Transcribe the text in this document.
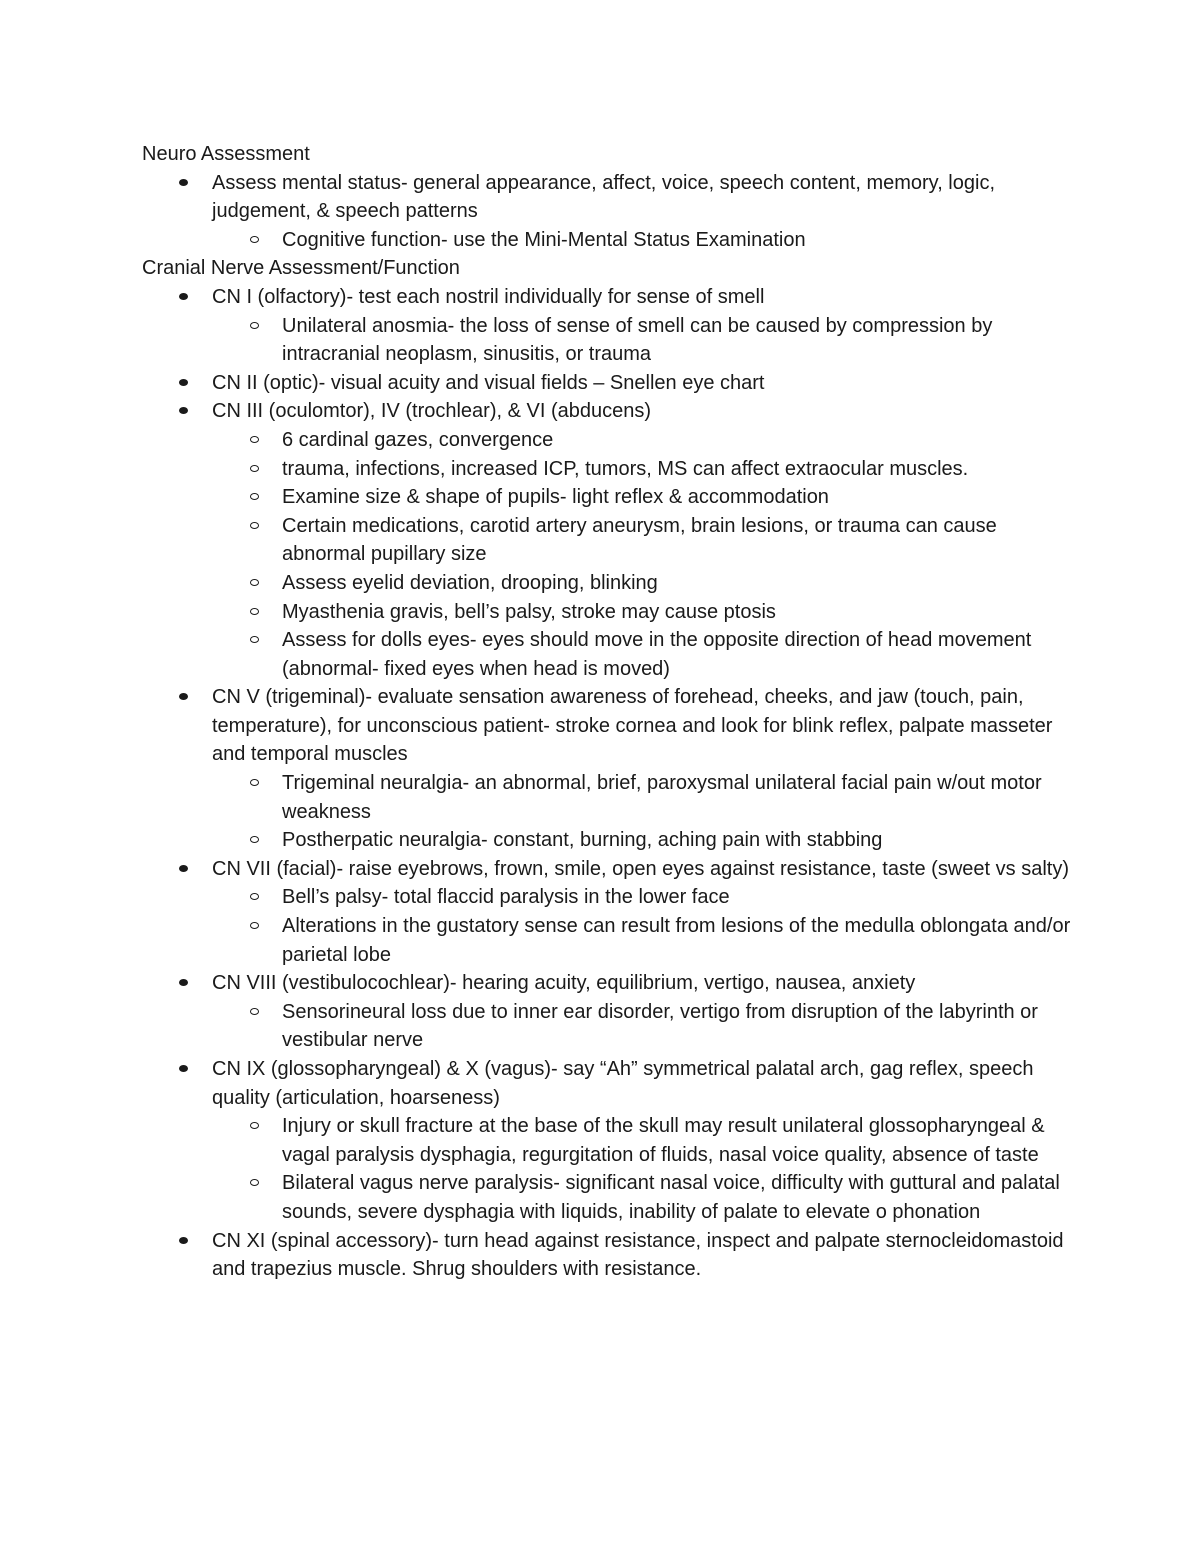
Neuro Assessment
Assess mental status- general appearance, affect, voice, speech content, memory, logic, judgement, & speech patterns
Cognitive function- use the Mini-Mental Status Examination
Cranial Nerve Assessment/Function
CN I (olfactory)- test each nostril individually for sense of smell
Unilateral anosmia- the loss of sense of smell can be caused by compression by intracranial neoplasm, sinusitis, or trauma
CN II (optic)- visual acuity and visual fields – Snellen eye chart
CN III (oculomtor), IV (trochlear), & VI (abducens)
6 cardinal gazes, convergence
trauma, infections, increased ICP, tumors, MS can affect extraocular muscles.
Examine size & shape of pupils- light reflex & accommodation
Certain medications, carotid artery aneurysm, brain lesions, or trauma can cause abnormal pupillary size
Assess eyelid deviation, drooping, blinking
Myasthenia gravis, bell’s palsy, stroke may cause ptosis
Assess for dolls eyes- eyes should move in the opposite direction of head movement (abnormal- fixed eyes when head is moved)
CN V (trigeminal)- evaluate sensation awareness of forehead, cheeks, and jaw (touch, pain, temperature), for unconscious patient- stroke cornea and look for blink reflex, palpate masseter and temporal muscles
Trigeminal neuralgia- an abnormal, brief, paroxysmal unilateral facial pain w/out motor weakness
Postherpatic neuralgia- constant, burning, aching pain with stabbing
CN VII (facial)- raise eyebrows, frown, smile, open eyes against resistance, taste (sweet vs salty)
Bell’s palsy- total flaccid paralysis in the lower face
Alterations in the gustatory sense can result from lesions of the medulla oblongata and/or parietal lobe
CN VIII (vestibulocochlear)- hearing acuity, equilibrium, vertigo, nausea, anxiety
Sensorineural loss due to inner ear disorder, vertigo from disruption of the labyrinth or vestibular nerve
CN IX (glossopharyngeal) & X (vagus)- say “Ah” symmetrical palatal arch, gag reflex, speech quality (articulation, hoarseness)
Injury or skull fracture at the base of the skull may result unilateral glossopharyngeal & vagal paralysis dysphagia, regurgitation of fluids, nasal voice quality, absence of taste
Bilateral vagus nerve paralysis- significant nasal voice, difficulty with guttural and palatal sounds, severe dysphagia with liquids, inability of palate to elevate o phonation
CN XI (spinal accessory)- turn head against resistance, inspect and palpate sternocleidomastoid and trapezius muscle. Shrug shoulders with resistance.
